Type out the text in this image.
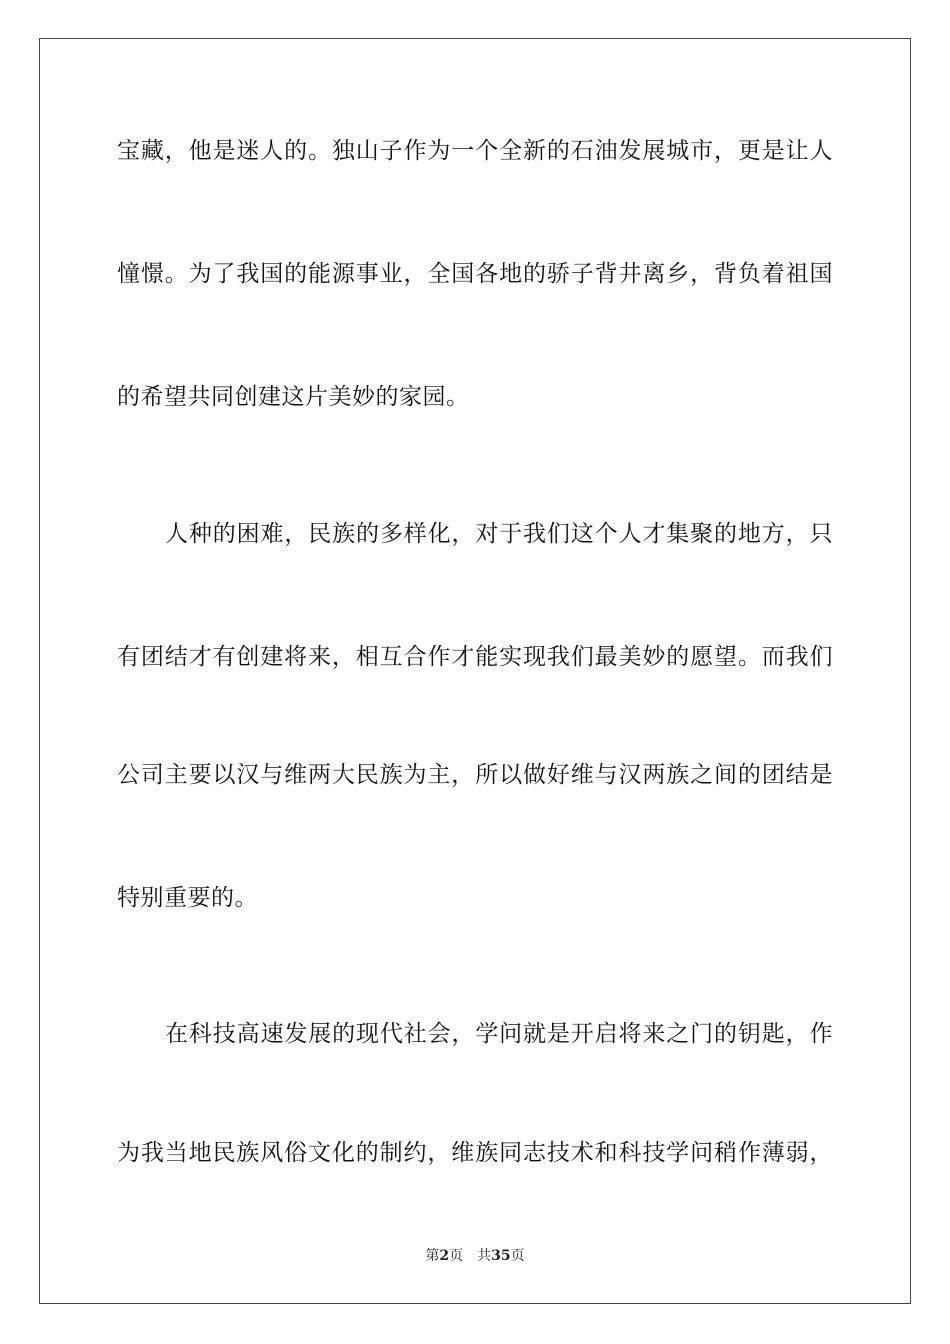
宝藏，他是迷人的。独山子作为一个全新的石油发展城市，更是让人
憧憬。为了我国的能源事业，全国各地的骄子背井离乡，背负着祖国
的希望共同创建这片美妙的家园。
人种的困难，民族的多样化，对于我们这个人才集聚的地方，只
有团结才有创建将来，相互合作才能实现我们最美妙的愿望。而我们
公司主要以汉与维两大民族为主，所以做好维与汉两族之间的团结是
特别重要的。
在科技高速发展的现代社会，学问就是开启将来之门的钥匙，作
为我当地民族风俗文化的制约，维族同志技术和科技学问稍作薄弱，
第2页 共35页
